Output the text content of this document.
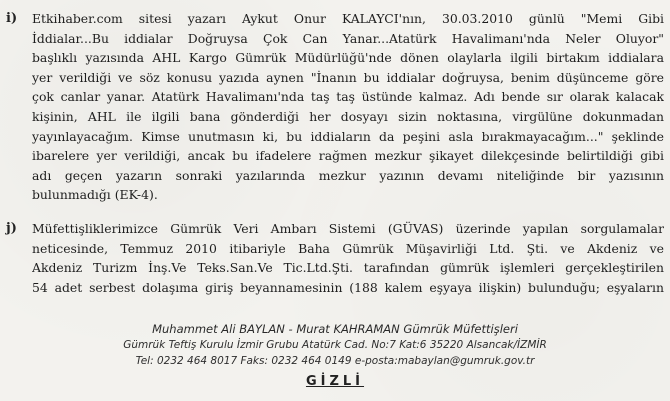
i) Etkihaber.com sitesi yazarı Aykut Onur KALAYCI'nın, 30.03.2010 günlü "Memi Gibi
İddialar...Bu iddialar Doğruysa Çok Can Yanar...Atatürk Havalimanı'nda Neler Oluyor"
başlıklı yazısında AHL Kargo Gümrük Müdürlüğü'nde dönen olaylarla ilgili birtakım iddialara
yer verildiği ve söz konusu yazıda aynen "İnanın bu iddialar doğruysa, benim düşünceme göre
çok canlar yanar. Atatürk Havalimanı'nda taş taş üstünde kalmaz. Adı bende sır olarak kalacak
kişinin, AHL ile ilgili bana gönderdiği her dosyayı sizin noktasına, virgülüne dokunmadan
yayınlayacağım. Kimse unutmasın ki, bu iddiaların da peşini asla bırakmayacağım..." şeklinde
ibarelere yer verildiği, ancak bu ifadelere rağmen mezkur şikayet dilekçesinde belirtildiği gibi
adı geçen yazarın sonraki yazılarında mezkur yazının devamı niteliğinde bir yazısının
bulunmadığı (EK-4).
j) Müfettişliklerimizce Gümrük Veri Ambarı Sistemi (GÜVAS) üzerinde yapılan sorgulamalar
neticesinde, Temmuz 2010 itibariyle Baha Gümrük Müşavirliği Ltd. Şti. ve Akdeniz ve
Akdeniz Turizm İnş.Ve Teks.San.Ve Tic.Ltd.Şti. tarafından gümrük işlemleri gerçekleştirilen
54 adet serbest dolaşıma giriş beyannamesinin (188 kalem eşyaya ilişkin) bulunduğu; eşyaların
Muhammet Ali BAYLAN - Murat KAHRAMAN Gümrük Müfettişleri
Gümrük Teftiş Kurulu İzmir Grubu Atatürk Cad. No:7 Kat:6 35220 Alsancak/İZMİR
Tel: 0232 464 8017 Faks: 0232 464 0149 e-posta:mabaylan@gumruk.gov.tr
GİZLİ
